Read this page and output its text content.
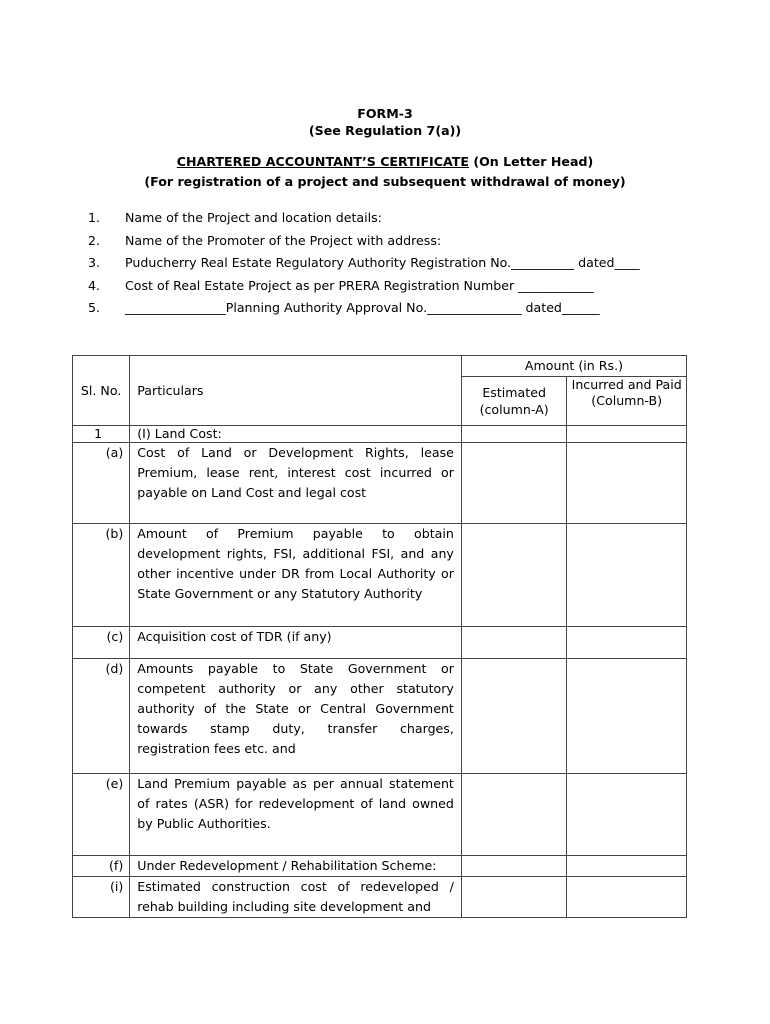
FORM-3
(See Regulation 7(a))
CHARTERED ACCOUNTANT’S CERTIFICATE (On Letter Head)
(For registration of a project and subsequent withdrawal of money)
1.	Name of the Project and location details:
2.	Name of the Promoter of the Project with address:
3.	Puducherry Real Estate Regulatory Authority Registration No.__________ dated____
4.	Cost of Real Estate Project as per PRERA Registration Number ____________
5.	________________Planning Authority Approval No._______________ dated______
Sl. No.	Particulars	Amount (in Rs.)	
		Estimated (column-A)	Incurred and Paid (Column-B)
1	(I) Land Cost:		
(a)	Cost of Land or Development Rights, lease Premium, lease rent, interest cost incurred or payable on Land Cost and legal cost		
(b)	Amount of Premium payable to obtain development rights, FSI, additional FSI, and any other incentive under DR from Local Authority or State Government or any Statutory Authority		
(c)	Acquisition cost of TDR (if any)		
(d)	Amounts payable to State Government or competent authority or any other statutory authority of the State or Central Government towards stamp duty, transfer charges, registration fees etc. and		
(e)	Land Premium payable as per annual statement of rates (ASR) for redevelopment of land owned by Public Authorities.		
(f)	Under Redevelopment / Rehabilitation Scheme:		
(i)	Estimated construction cost of redeveloped / rehab building including site development and		
